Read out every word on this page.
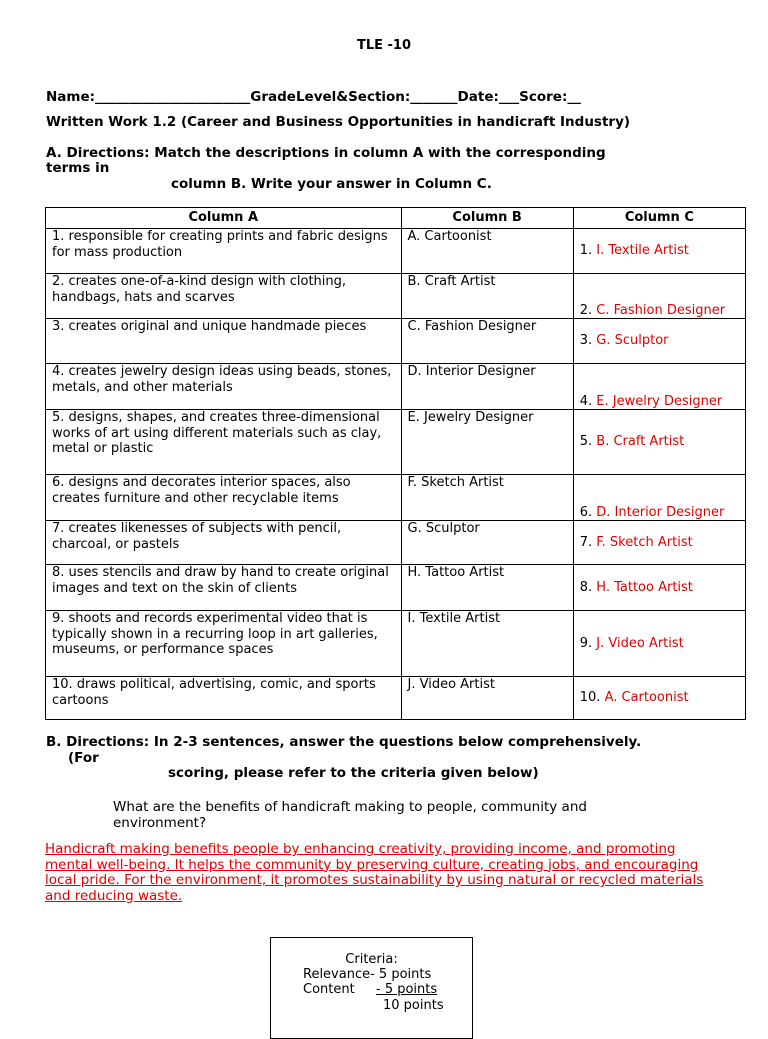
TLE -10
Name:_______________________GradeLevel&Section:_______Date:___Score:__
Written Work 1.2 (Career and Business Opportunities in handicraft Industry)
A. Directions: Match the descriptions in column A with the corresponding
terms in
column B. Write your answer in Column C.
Column A	Column B	Column C
1. responsible for creating prints and fabric designs for mass production	A. Cartoonist	1. I. Textile Artist
2. creates one-of-a-kind design with clothing, handbags, hats and scarves	B. Craft Artist	2. C. Fashion Designer
3. creates original and unique handmade pieces	C. Fashion Designer	3. G. Sculptor
4. creates jewelry design ideas using beads, stones, metals, and other materials	D. Interior Designer	4. E. Jewelry Designer
5. designs, shapes, and creates three-dimensional works of art using different materials such as clay, metal or plastic	E. Jewelry Designer	5. B. Craft Artist
6. designs and decorates interior spaces, also creates furniture and other recyclable items	F. Sketch Artist	6. D. Interior Designer
7. creates likenesses of subjects with pencil, charcoal, or pastels	G. Sculptor	7. F. Sketch Artist
8. uses stencils and draw by hand to create original images and text on the skin of clients	H. Tattoo Artist	8. H. Tattoo Artist
9. shoots and records experimental video that is typically shown in a recurring loop in art galleries, museums, or performance spaces	I. Textile Artist	9. J. Video Artist
10. draws political, advertising, comic, and sports cartoons	J. Video Artist	10. A. Cartoonist
B. Directions: In 2-3 sentences, answer the questions below comprehensively.
(For
scoring, please refer to the criteria given below)
What are the benefits of handicraft making to people, community and environment?
Handicraft making benefits people by enhancing creativity, providing income, and promoting mental well-being. It helps the community by preserving culture, creating jobs, and encouraging local pride. For the environment, it promotes sustainability by using natural or recycled materials and reducing waste.
Criteria:
Relevance- 5 points
Content - 5 points
10 points
